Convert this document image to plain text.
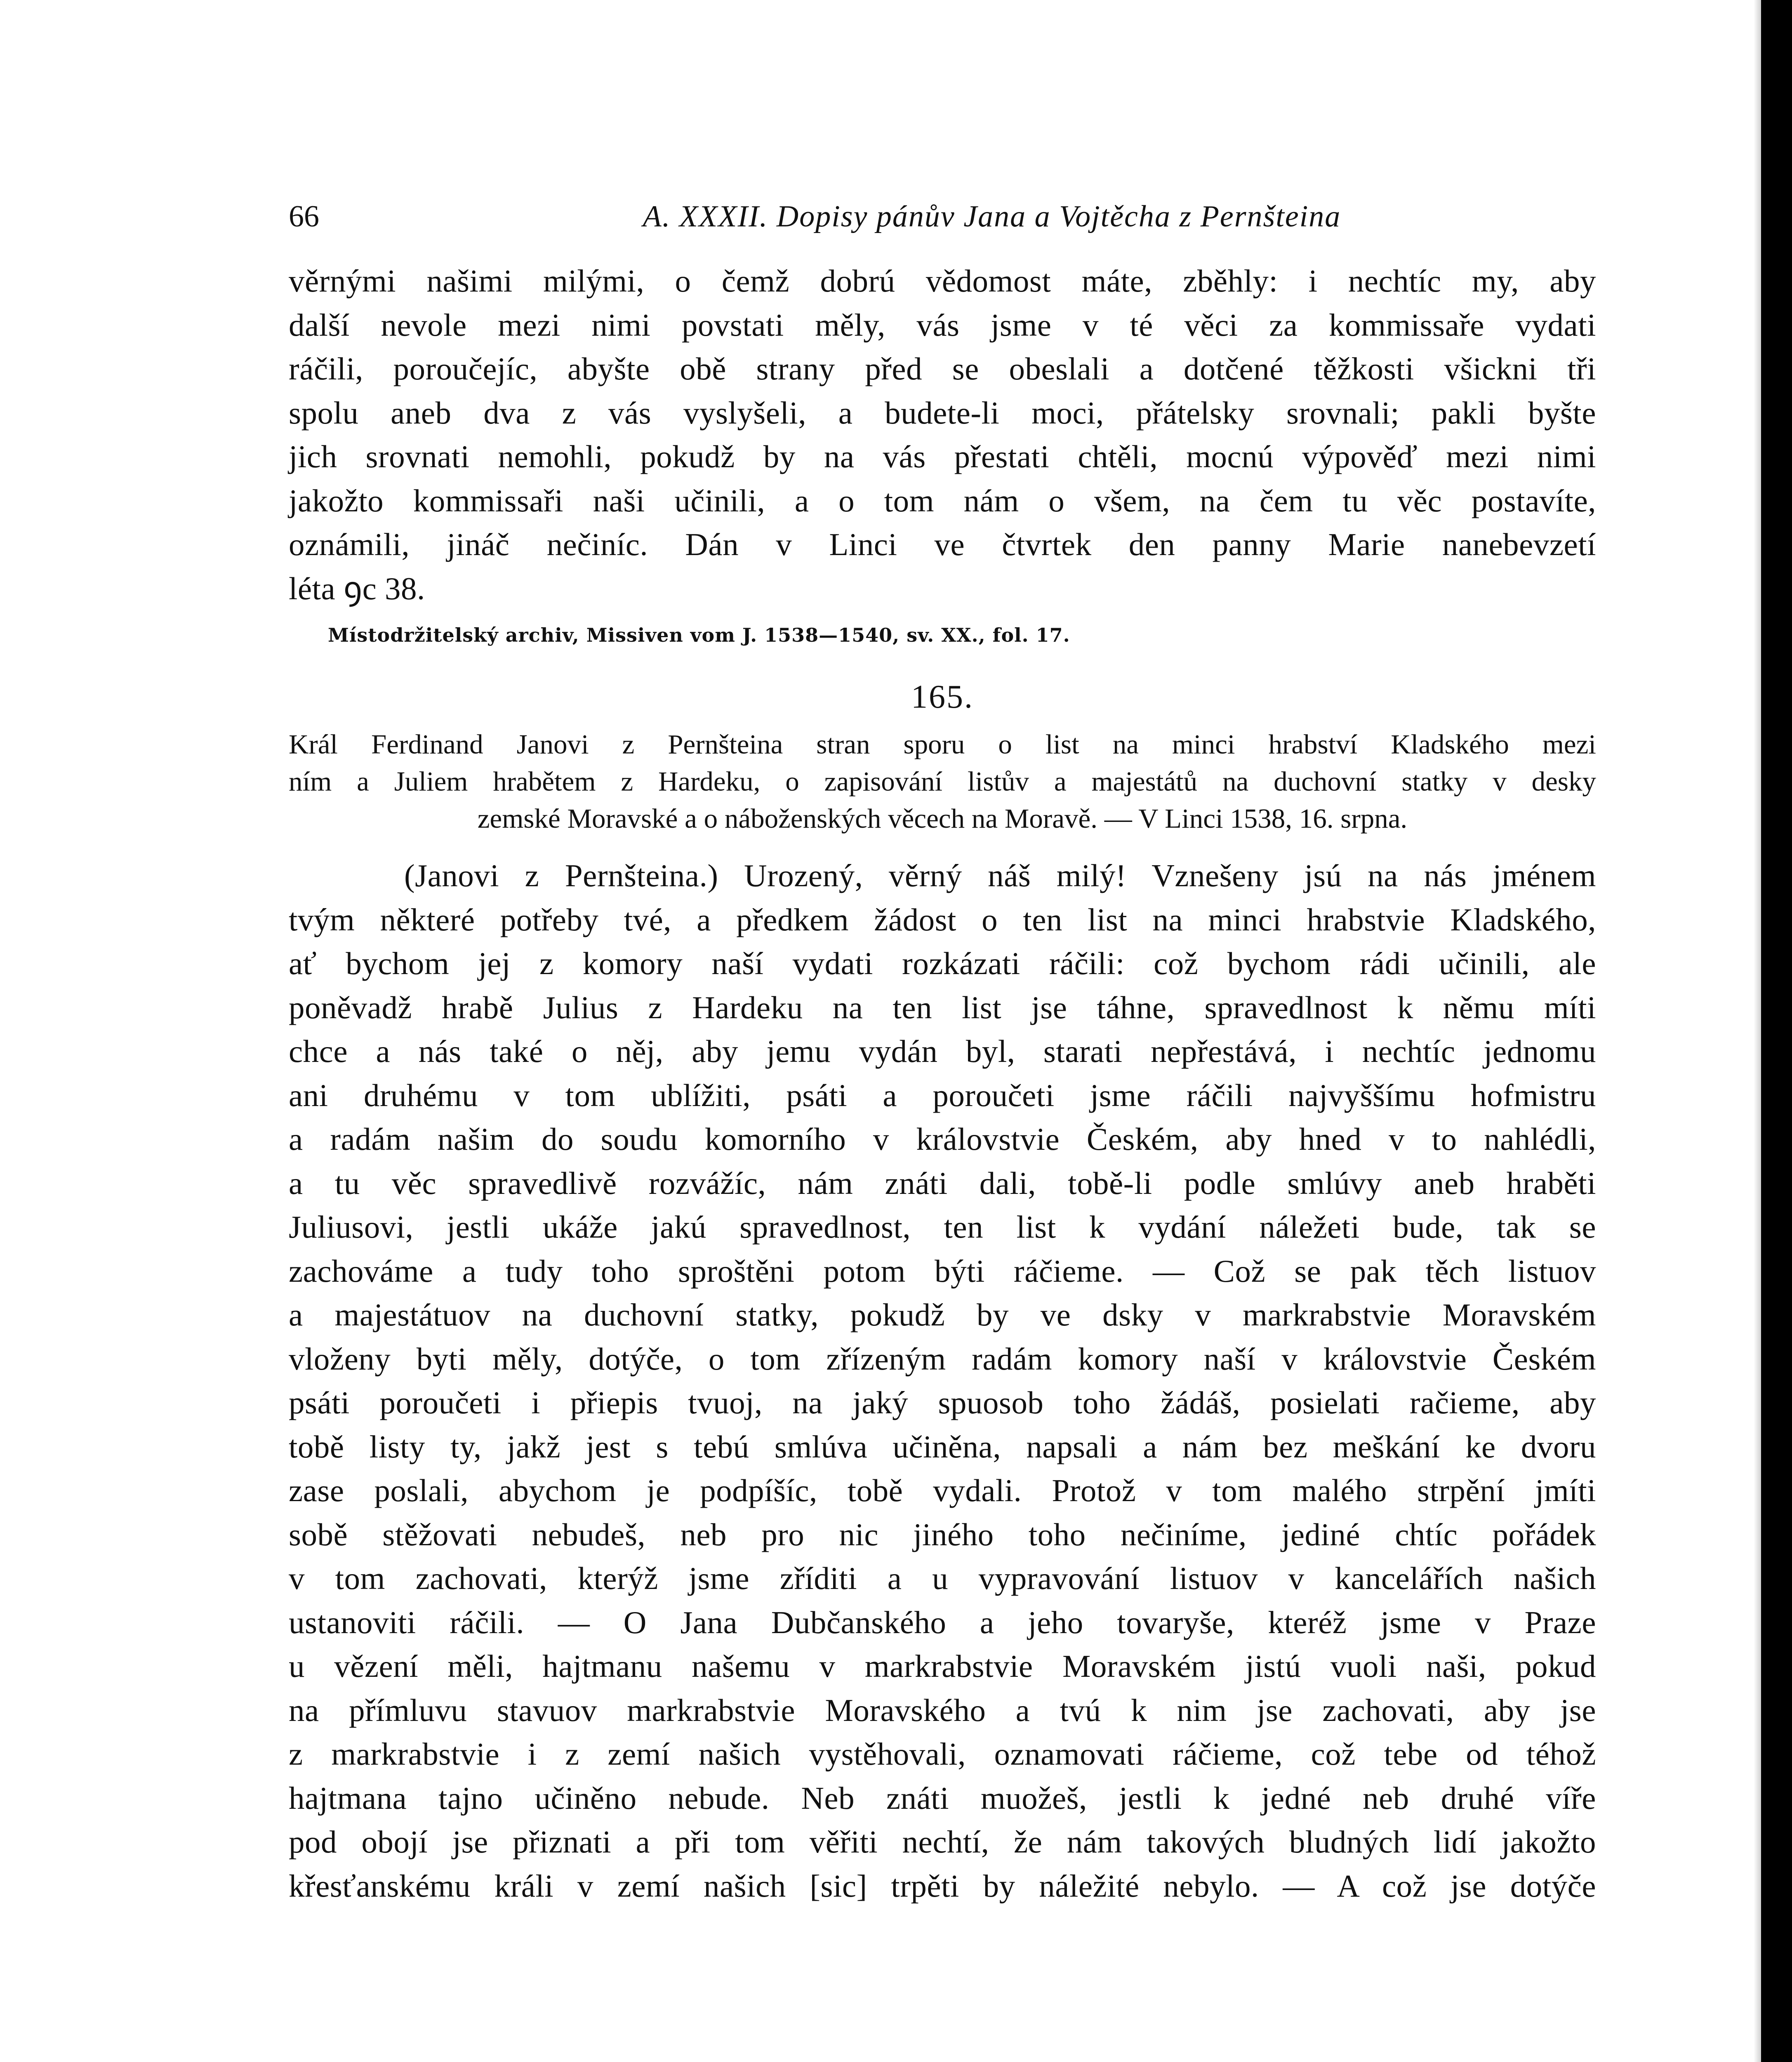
66	A. XXXII. Dopisy pánův Jana a Vojtěcha z Pernšteina

věrnými našimi milými, o čemž dobrú vědomost máte, zběhly: i nechtíc my, aby
další nevole mezi nimi povstati měly, vás jsme v té věci za kommissaře vydati
ráčili, poroučejíc, abyšte obě strany před se obeslali a dotčené těžkosti všickni tři
spolu aneb dva z vás vyslyšeli, a budete-li moci, přátelsky srovnali; pakli byšte
jich srovnati nemohli, pokudž by na vás přestati chtěli, mocnú výpověď mezi nimi
jakožto kommissaři naši učinili, a o tom nám o všem, na čem tu věc postavíte,
oznámili, jináč nečiníc. Dán v Linci ve čtvrtek den panny Marie nanebevzetí
léta ꝯc 38.

Místodržitelský archiv, Missiven vom J. 1538—1540, sv. XX., fol. 17.
165.
Král Ferdinand Janovi z Pernšteina stran sporu o list na minci hrabství Kladského mezi
ním a Juliem hrabětem z Hardeku, o zapisování listův a majestátů na duchovní statky v desky
zemské Moravské a o náboženských věcech na Moravě. — V Linci 1538, 16. srpna.
(Janovi z Pernšteina.) Urozený, věrný náš milý! Vznešeny jsú na nás jménem
tvým některé potřeby tvé, a předkem žádost o ten list na minci hrabstvie Kladského,
ať bychom jej z komory naší vydati rozkázati ráčili: což bychom rádi učinili, ale
poněvadž hrabě Julius z Hardeku na ten list jse táhne, spravedlnost k němu míti
chce a nás také o něj, aby jemu vydán byl, starati nepřestává, i nechtíc jednomu
ani druhému v tom ublížiti, psáti a poroučeti jsme ráčili najvyššímu hofmistru
a radám našim do soudu komorního v královstvie Českém, aby hned v to nahlédli,
a tu věc spravedlivě rozvážíc, nám znáti dali, tobě-li podle smlúvy aneb hraběti
Juliusovi, jestli ukáže jakú spravedlnost, ten list k vydání náležeti bude, tak se
zachováme a tudy toho sproštěni potom býti ráčieme. — Což se pak těch listuov
a majestátuov na duchovní statky, pokudž by ve dsky v markrabstvie Moravském
vloženy byti měly, dotýče, o tom zřízeným radám komory naší v královstvie Českém
psáti poroučeti i přiepis tvuoj, na jaký spuosob toho žádáš, posielati račieme, aby
tobě listy ty, jakž jest s tebú smlúva učiněna, napsali a nám bez meškání ke dvoru
zase poslali, abychom je podpíšíc, tobě vydali. Protož v tom malého strpění jmíti
sobě stěžovati nebudeš, neb pro nic jiného toho nečiníme, jediné chtíc pořádek
v tom zachovati, kterýž jsme zříditi a u vypravování listuov v kancelářích našich
ustanoviti ráčili. — O Jana Dubčanského a jeho tovaryše, kteréž jsme v Praze
u vězení měli, hajtmanu našemu v markrabstvie Moravském jistú vuoli naši, pokud
na přímluvu stavuov markrabstvie Moravského a tvú k nim jse zachovati, aby jse
z markrabstvie i z zemí našich vystěhovali, oznamovati ráčieme, což tebe od téhož
hajtmana tajno učiněno nebude. Neb znáti muožeš, jestli k jedné neb druhé víře
pod obojí jse přiznati a při tom věřiti nechtí, že nám takových bludných lidí jakožto
křesťanskému králi v zemí našich [sic] trpěti by náležité nebylo. — A což jse dotýče
